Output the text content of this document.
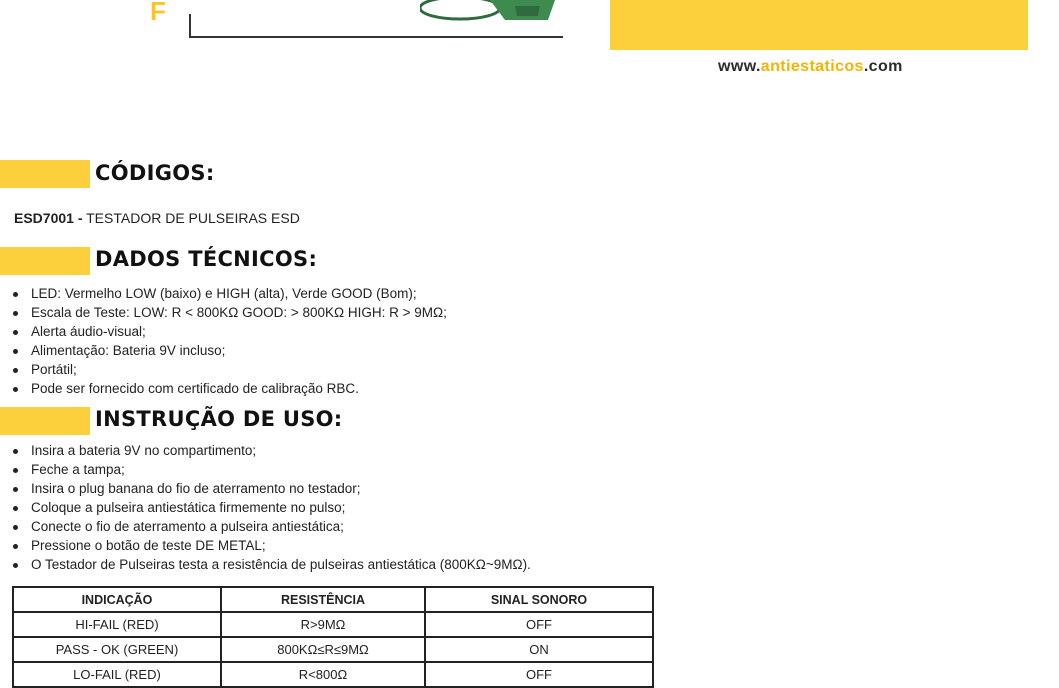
F
www.antiestaticos.com
CÓDIGOS:
ESD7001 - TESTADOR DE PULSEIRAS ESD
DADOS TÉCNICOS:
LED: Vermelho LOW (baixo) e HIGH (alta), Verde GOOD (Bom);
Escala de Teste: LOW: R < 800KΩ GOOD: > 800KΩ HIGH: R > 9MΩ;
Alerta áudio-visual;
Alimentação: Bateria 9V incluso;
Portátil;
Pode ser fornecido com certificado de calibração RBC.
INSTRUÇÃO DE USO:
Insira a bateria 9V no compartimento;
Feche a tampa;
Insira o plug banana do fio de aterramento no testador;
Coloque a pulseira antiestática firmemente no pulso;
Conecte o fio de aterramento a pulseira antiestática;
Pressione o botão de teste DE METAL;
O Testador de Pulseiras testa a resistência de pulseiras antiestática (800KΩ~9MΩ).
INDICAÇÃO	RESISTÊNCIA	SINAL SONORO
HI-FAIL (RED)	R>9MΩ	OFF
PASS - OK (GREEN)	800KΩ≤R≤9MΩ	ON
LO-FAIL (RED)	R<800Ω	OFF
